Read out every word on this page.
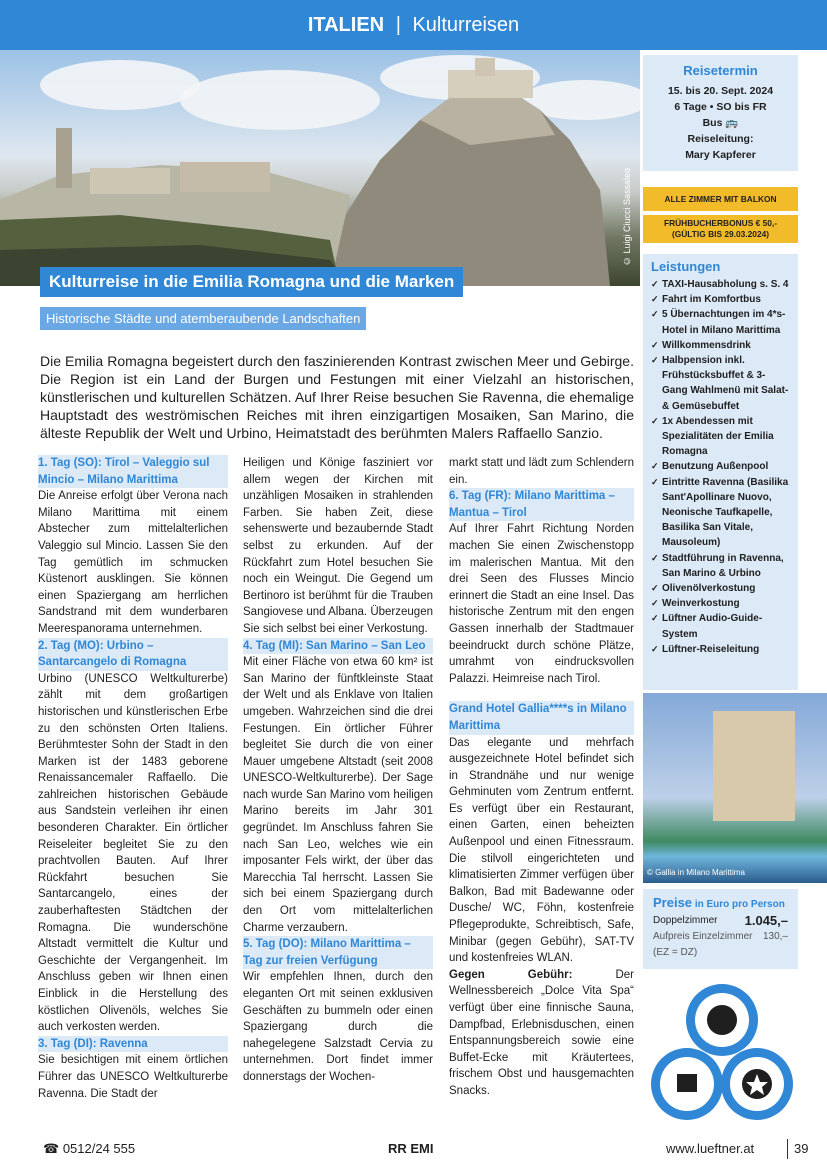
ITALIEN | Kulturreisen
© Luigi Ciucci Sassaleo
Kulturreise in die Emilia Romagna und die Marken
Historische Städte und atemberaubende Landschaften

Die Emilia Romagna begeistert durch den faszinierenden Kontrast zwischen Meer und Gebirge. Die Region ist ein Land der Burgen und Festungen mit einer Vielzahl an historischen, künstlerischen und kulturellen Schätzen. Auf Ihrer Reise besuchen Sie Ravenna, die ehemalige Hauptstadt des weströmischen Reiches mit ihren einzigartigen Mosaiken, San Marino, die älteste Republik der Welt und Urbino, Heimatstadt des berühmten Malers Raffaello Sanzio.

1. Tag (SO): Tirol – Valeggio sul Mincio – Milano Marittima
Die Anreise erfolgt über Verona nach Milano Marittima mit einem Abstecher zum mittelalterlichen Valeggio sul Mincio. Lassen Sie den Tag gemütlich im schmucken Küstenort ausklingen. Sie können einen Spaziergang am herrlichen Sandstrand mit dem wunderbaren Meerespanorama unternehmen.
2. Tag (MO): Urbino – Santarcangelo di Romagna
Urbino (UNESCO Weltkulturerbe) zählt mit dem großartigen historischen und künstlerischen Erbe zu den schönsten Orten Italiens. Berühmtester Sohn der Stadt in den Marken ist der 1483 geborene Renaissancemaler Raffaello. Die zahlreichen historischen Gebäude aus Sandstein verleihen ihr einen besonderen Charakter. Ein örtlicher Reiseleiter begleitet Sie zu den prachtvollen Bauten. Auf Ihrer Rückfahrt besuchen Sie Santarcangelo, eines der zauberhaftesten Städtchen der Romagna. Die wunderschöne Altstadt vermittelt die Kultur und Geschichte der Vergangenheit. Im Anschluss geben wir Ihnen einen Einblick in die Herstellung des köstlichen Olivenöls, welches Sie auch verkosten werden.
3. Tag (DI): Ravenna
Sie besichtigen mit einem örtlichen Führer das UNESCO Weltkulturerbe Ravenna. Die Stadt der
Heiligen und Könige fasziniert vor allem wegen der Kirchen mit unzähligen Mosaiken in strahlenden Farben. Sie haben Zeit, diese sehenswerte und bezaubernde Stadt selbst zu erkunden. Auf der Rückfahrt zum Hotel besuchen Sie noch ein Weingut. Die Gegend um Bertinoro ist berühmt für die Trauben Sangiovese und Albana. Überzeugen Sie sich selbst bei einer Verkostung.
4. Tag (MI): San Marino – San Leo
Mit einer Fläche von etwa 60 km² ist San Marino der fünftkleinste Staat der Welt und als Enklave von Italien umgeben. Wahrzeichen sind die drei Festungen. Ein örtlicher Führer begleitet Sie durch die von einer Mauer umgebene Altstadt (seit 2008 UNESCO-Weltkulturerbe). Der Sage nach wurde San Marino vom heiligen Marino bereits im Jahr 301 gegründet. Im Anschluss fahren Sie nach San Leo, welches wie ein imposanter Fels wirkt, der über das Marecchia Tal herrscht. Lassen Sie sich bei einem Spaziergang durch den Ort vom mittelalterlichen Charme verzaubern.
5. Tag (DO): Milano Marittima – Tag zur freien Verfügung
Wir empfehlen Ihnen, durch den eleganten Ort mit seinen exklusiven Geschäften zu bummeln oder einen Spaziergang durch die nahegelegene Salzstadt Cervia zu unternehmen. Dort findet immer donnerstags der Wochen-
markt statt und lädt zum Schlendern ein.
6. Tag (FR): Milano Marittima – Mantua – Tirol
Auf Ihrer Fahrt Richtung Norden machen Sie einen Zwischenstopp im malerischen Mantua. Mit den drei Seen des Flusses Mincio erinnert die Stadt an eine Insel. Das historische Zentrum mit den engen Gassen innerhalb der Stadtmauer beeindruckt durch schöne Plätze, umrahmt von eindrucksvollen Palazzi. Heimreise nach Tirol.
Grand Hotel Gallia****s in Milano Marittima
Das elegante und mehrfach ausgezeichnete Hotel befindet sich in Strandnähe und nur wenige Gehminuten vom Zentrum entfernt. Es verfügt über ein Restaurant, einen Garten, einen beheizten Außenpool und einen Fitnessraum. Die stilvoll eingerichteten und klimatisierten Zimmer verfügen über Balkon, Bad mit Badewanne oder Dusche/ WC, Föhn, kostenfreie Pflegeprodukte, Schreibtisch, Safe, Minibar (gegen Gebühr), SAT-TV und kostenfreies WLAN.
Gegen Gebühr:	Der Wellnessbereich „Dolce Vita Spa“ verfügt über eine finnische Sauna, Dampfbad, Erlebnisduschen, einen Entspannungsbereich sowie eine Buffet-Ecke mit Kräutertees, frischem Obst und hausgemachten Snacks.
Reisetermin
15. bis 20. Sept. 2024
6 Tage • SO bis FR
Bus 🚌
Reiseleitung:
Mary Kapferer
ALLE ZIMMER MIT BALKON
FRÜHBUCHERBONUS € 50,-
(GÜLTIG BIS 29.03.2024)
Leistungen
✓ TAXI-Hausabholung s. S. 4
✓ Fahrt im Komfortbus
✓ 5 Übernachtungen im 4*s-Hotel in Milano Marittima
✓ Willkommensdrink
✓ Halbpension inkl. Frühstücksbuffet & 3-Gang Wahlmenü mit Salat- & Gemüsebuffet
✓ 1x Abendessen mit Spezialitäten der Emilia Romagna
✓ Benutzung Außenpool
✓ Eintritte Ravenna (Basilika Sant'Apollinare Nuovo, Neonische Taufkapelle, Basilika San Vitale, Mausoleum)
✓ Stadtführung in Ravenna, San Marino & Urbino
✓ Olivenölverkostung
✓ Weinverkostung
✓ Lüftner Audio-Guide-System
✓ Lüftner-Reiseleitung
© Gallia in Milano Marittima
Preise in Euro pro Person
Doppelzimmer 1.045,–
Aufpreis Einzelzimmer 130,–
(EZ = DZ)
☎ 0512/24 555	RR EMI	www.lueftner.at	39
